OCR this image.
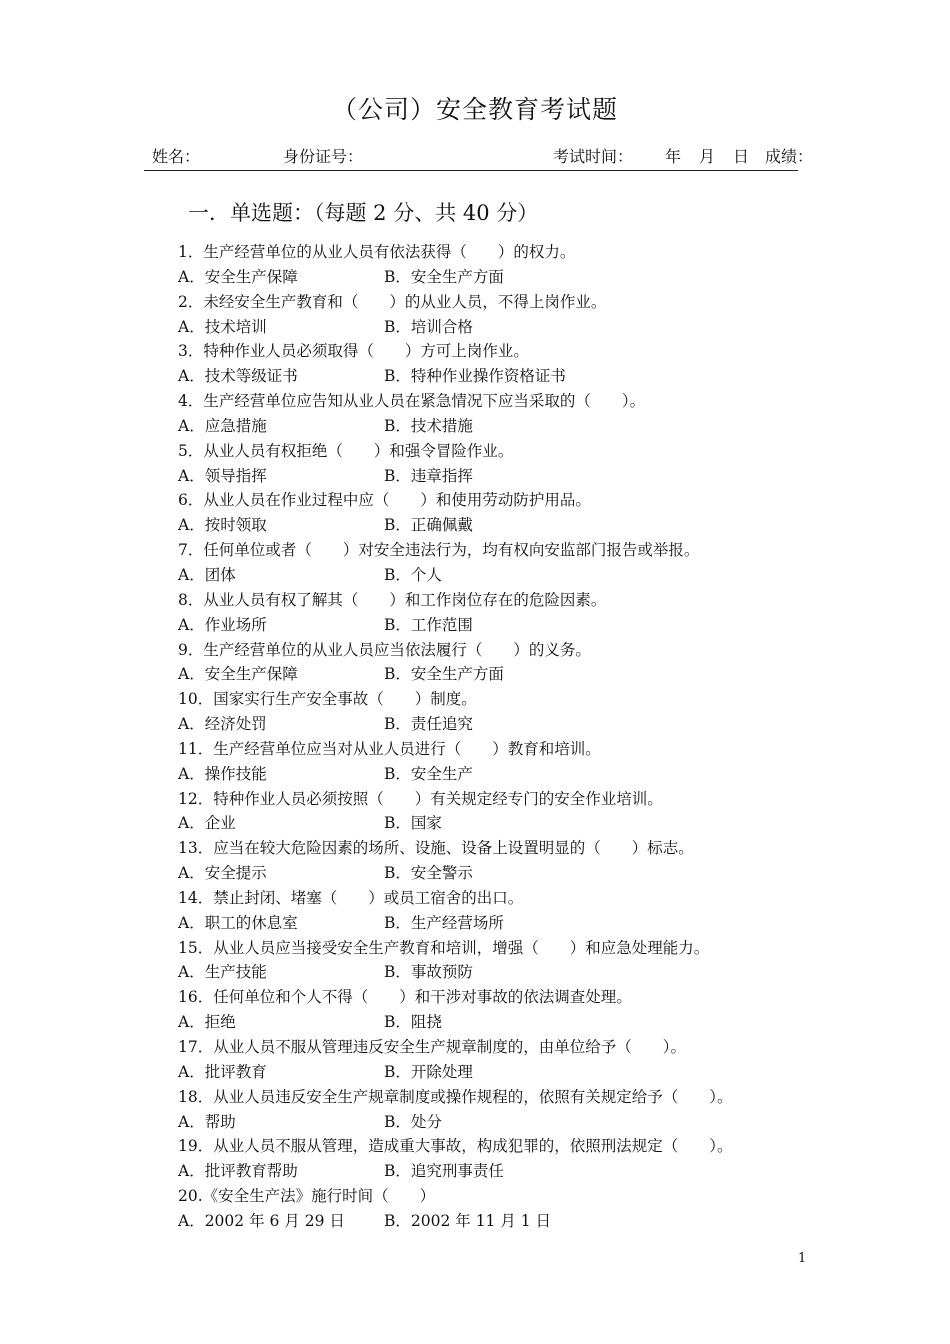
（公司）安全教育考试题
姓名：	身份证号：	考试时间： 年 月 日 成绩：
一．单选题：（每题 2 分、共 40 分）
1．生产经营单位的从业人员有依法获得（　　）的权力。
A．安全生产保障	B．安全生产方面
2．未经安全生产教育和（　　）的从业人员，不得上岗作业。
A．技术培训	B．培训合格
3．特种作业人员必须取得（　　）方可上岗作业。
A．技术等级证书	B．特种作业操作资格证书
4．生产经营单位应告知从业人员在紧急情况下应当采取的（　　）。
A．应急措施	B．技术措施
5．从业人员有权拒绝（　　）和强令冒险作业。
A．领导指挥	B．违章指挥
6．从业人员在作业过程中应（　　）和使用劳动防护用品。
A．按时领取	B．正确佩戴
7．任何单位或者（　　）对安全违法行为，均有权向安监部门报告或举报。
A．团体	B．个人
8．从业人员有权了解其（　　）和工作岗位存在的危险因素。
A．作业场所	B．工作范围
9．生产经营单位的从业人员应当依法履行（　　）的义务。
A．安全生产保障	B．安全生产方面
10．国家实行生产安全事故（　　）制度。
A．经济处罚	B．责任追究
11．生产经营单位应当对从业人员进行（　　）教育和培训。
A．操作技能	B．安全生产
12．特种作业人员必须按照（　　）有关规定经专门的安全作业培训。
A．企业	B．国家
13．应当在较大危险因素的场所、设施、设备上设置明显的（　　）标志。
A．安全提示	B．安全警示
14．禁止封闭、堵塞（　　）或员工宿舍的出口。
A．职工的休息室	B．生产经营场所
15．从业人员应当接受安全生产教育和培训，增强（　　）和应急处理能力。
A．生产技能	B．事故预防
16．任何单位和个人不得（　　）和干涉对事故的依法调查处理。
A．拒绝	B．阻挠
17．从业人员不服从管理违反安全生产规章制度的，由单位给予（　　）。
A．批评教育	B．开除处理
18．从业人员违反安全生产规章制度或操作规程的，依照有关规定给予（　　）。
A．帮助	B．处分
19．从业人员不服从管理，造成重大事故，构成犯罪的，依照刑法规定（　　）。
A．批评教育帮助	B．追究刑事责任
20.《安全生产法》施行时间（　　）
A．2002 年 6 月 29 日	B．2002 年 11 月 1 日
1
